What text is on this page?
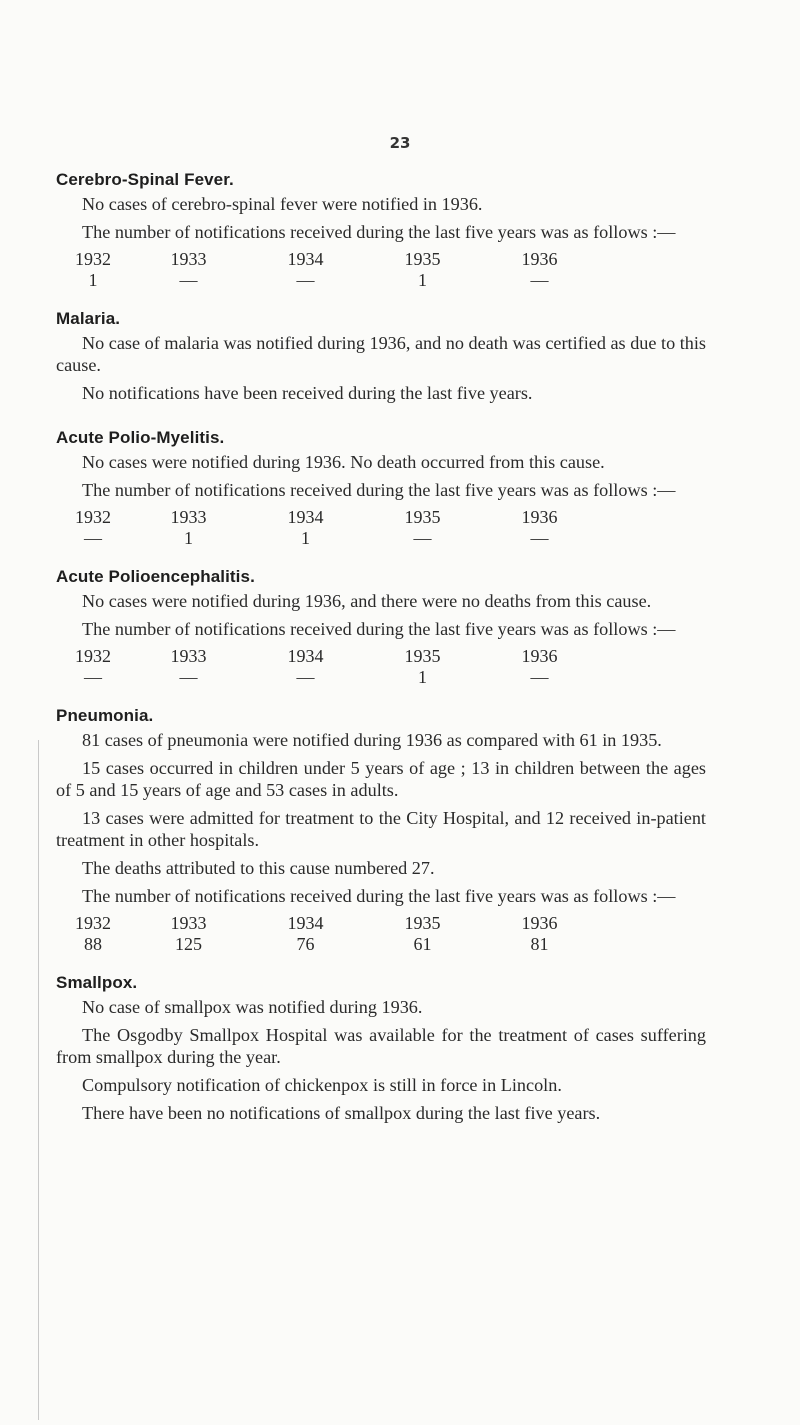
23
Cerebro-Spinal Fever.

No cases of cerebro-spinal fever were notified in 1936.

The number of notifications received during the last five years was as follows :—

1932	1933	1934	1935	1936
1	—	—	1	—
Malaria.

No case of malaria was notified during 1936, and no death was certified as due to this cause.

No notifications have been received during the last five years.

Acute Polio-Myelitis.

No cases were notified during 1936. No death occurred from this cause.

The number of notifications received during the last five years was as follows :—

1932	1933	1934	1935	1936
—	1	1	—	—
Acute Polioencephalitis.

No cases were notified during 1936, and there were no deaths from this cause.

The number of notifications received during the last five years was as follows :—

1932	1933	1934	1935	1936
—	—	—	1	—
Pneumonia.

81 cases of pneumonia were notified during 1936 as compared with 61 in 1935.

15 cases occurred in children under 5 years of age ; 13 in children between the ages of 5 and 15 years of age and 53 cases in adults.

13 cases were admitted for treatment to the City Hospital, and 12 received in-patient treatment in other hospitals.

The deaths attributed to this cause numbered 27.

The number of notifications received during the last five years was as follows :—

1932	1933	1934	1935	1936
88	125	76	61	81
Smallpox.

No case of smallpox was notified during 1936.

The Osgodby Smallpox Hospital was available for the treatment of cases suffering from smallpox during the year.

Compulsory notification of chickenpox is still in force in Lincoln.

There have been no notifications of smallpox during the last five years.
